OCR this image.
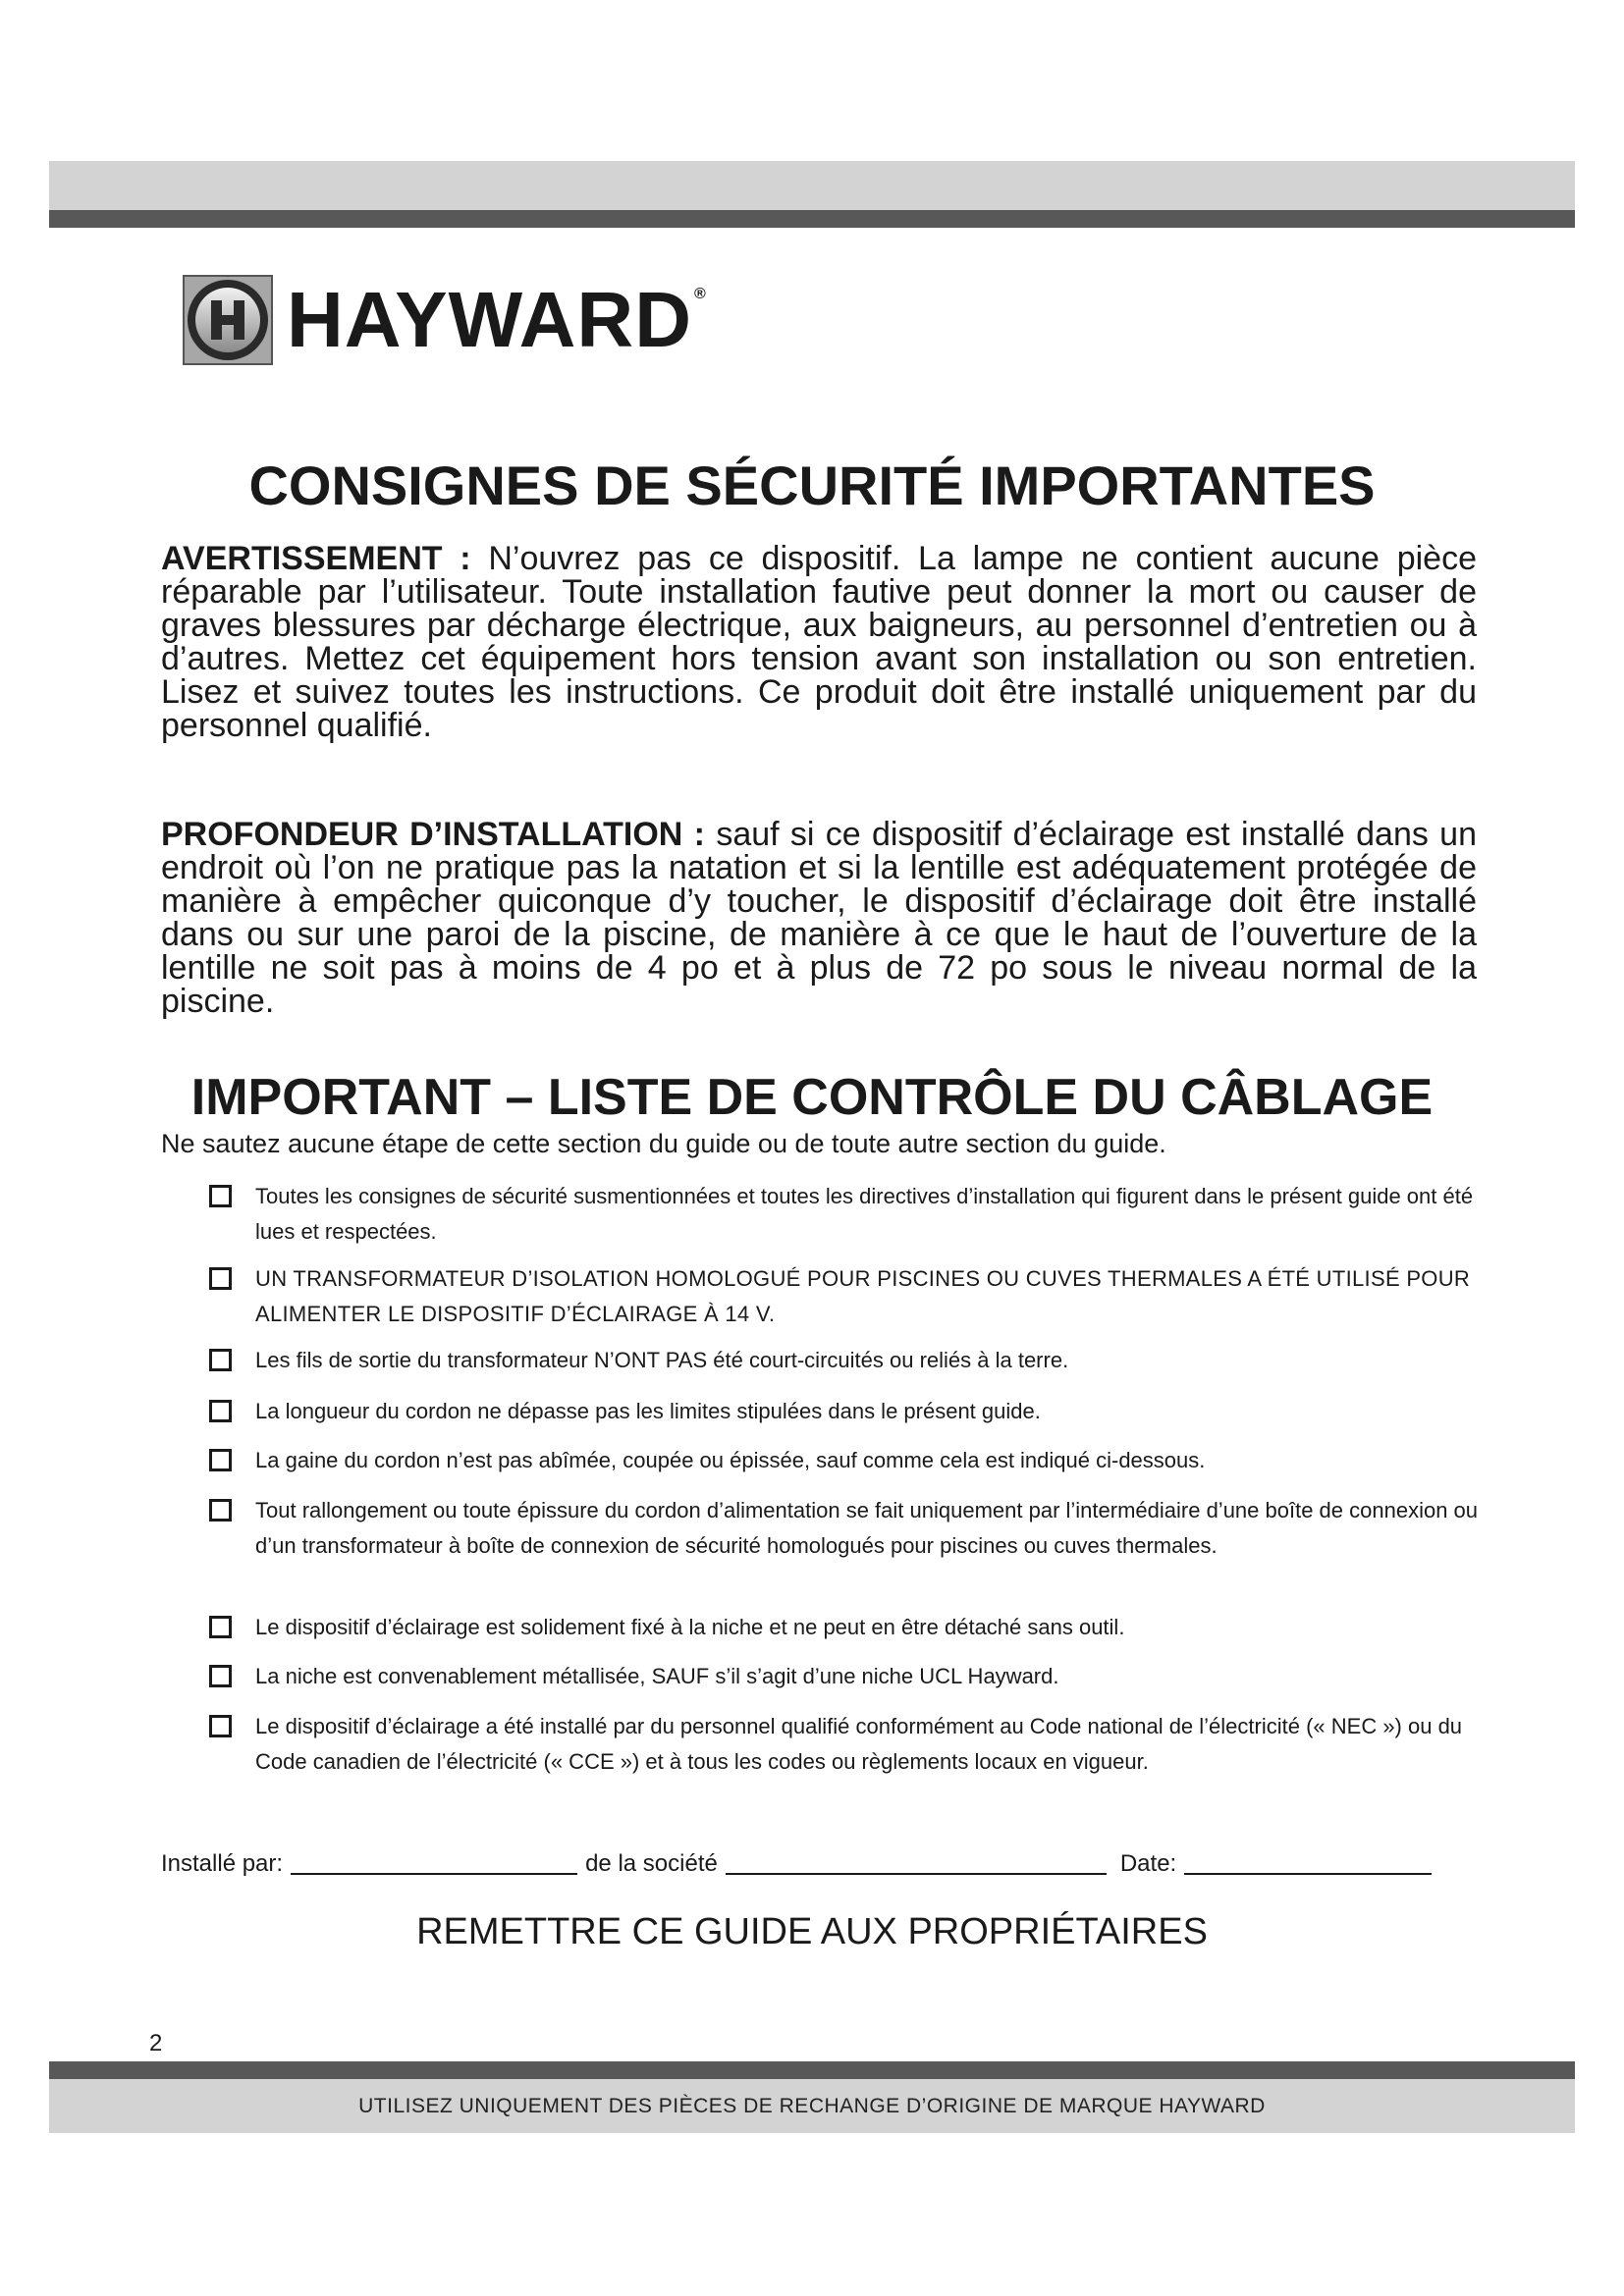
HAYWARD ®
CONSIGNES DE SÉCURITÉ IMPORTANTES

AVERTISSEMENT : N’ouvrez pas ce dispositif. La lampe ne contient aucune pièce réparable par l’utilisateur. Toute installation fautive peut donner la mort ou causer de graves blessures par décharge électrique, aux baigneurs, au personnel d’entretien ou à d’autres. Mettez cet équipement hors tension avant son installation ou son entretien. Lisez et suivez toutes les instructions. Ce produit doit être installé uniquement par du personnel qualifié.

PROFONDEUR D’INSTALLATION : sauf si ce dispositif d’éclairage est installé dans un endroit où l’on ne pratique pas la natation et si la lentille est adéquatement protégée de manière à empêcher quiconque d’y toucher, le dispositif d’éclairage doit être installé dans ou sur une paroi de la piscine, de manière à ce que le haut de l’ouverture de la lentille ne soit pas à moins de 4 po et à plus de 72 po sous le niveau normal de la piscine.

IMPORTANT – LISTE DE CONTRÔLE DU CÂBLAGE
Ne sautez aucune étape de cette section du guide ou de toute autre section du guide.
Toutes les consignes de sécurité susmentionnées et toutes les directives d’installation qui figurent dans le présent guide ont été lues et respectées.
UN TRANSFORMATEUR D’ISOLATION HOMOLOGUÉ POUR PISCINES OU CUVES THERMALES A ÉTÉ UTILISÉ POUR ALIMENTER LE DISPOSITIF D’ÉCLAIRAGE À 14 V.
Les fils de sortie du transformateur N’ONT PAS été court-circuités ou reliés à la terre.
La longueur du cordon ne dépasse pas les limites stipulées dans le présent guide.
La gaine du cordon n’est pas abîmée, coupée ou épissée, sauf comme cela est indiqué ci-dessous.
Tout rallongement ou toute épissure du cordon d’alimentation se fait uniquement par l’intermédiaire d’une boîte de connexion ou d’un transformateur à boîte de connexion de sécurité homologués pour piscines ou cuves thermales.
Le dispositif d’éclairage est solidement fixé à la niche et ne peut en être détaché sans outil.
La niche est convenablement métallisée, SAUF s’il s’agit d’une niche UCL Hayward.
Le dispositif d’éclairage a été installé par du personnel qualifié conformément au Code national de l’électricité (« NEC ») ou du Code canadien de l’électricité (« CCE ») et à tous les codes ou règlements locaux en vigueur.
Installé par:	de la société	Date:
REMETTRE CE GUIDE AUX PROPRIÉTAIRES
2
UTILISEZ UNIQUEMENT DES PIÈCES DE RECHANGE D’ORIGINE DE MARQUE HAYWARD
